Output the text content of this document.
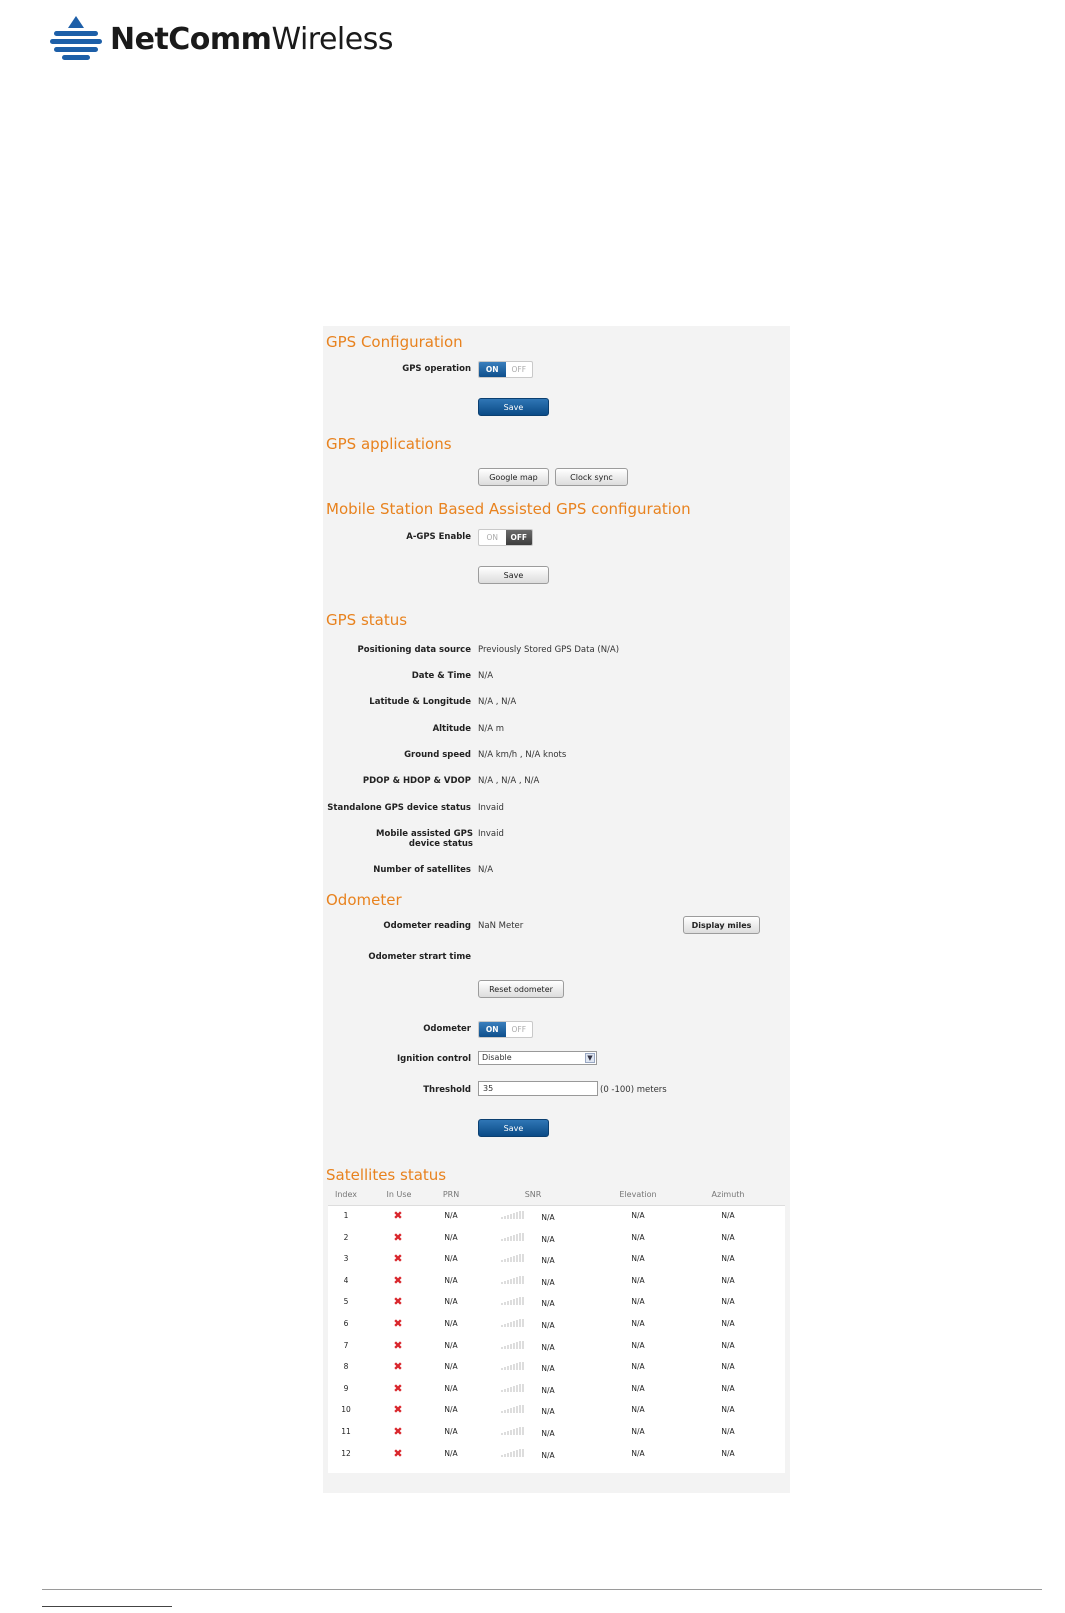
NetCommWireless
GPS Configuration
GPS operation	ON	OFF
Save
GPS applications
Google map	Clock sync
Mobile Station Based Assisted GPS configuration
A-GPS Enable	ON	OFF
Save
GPS status
Positioning data source Previously Stored GPS Data (N/A)
Date & Time N/A
Latitude & Longitude N/A , N/A
Altitude N/A m
Ground speed N/A km/h , N/A knots
PDOP & HDOP & VDOP N/A , N/A , N/A
Standalone GPS device status Invaid
Mobile assisted GPS device status
Invaid
Number of satellites N/A
Odometer
Odometer reading NaN Meter	Display miles
Odometer strart time
Reset odometer
Odometer	ON	OFF
Ignition control	Disable	▼
Threshold	35	(0 -100) meters
Save
Satellites status
Index	In Use	PRN	SNR	Elevation	Azimuth
1	✖	N/A	N/A	N/A	N/A
2	✖	N/A	N/A	N/A	N/A
3	✖	N/A	N/A	N/A	N/A
4	✖	N/A	N/A	N/A	N/A
5	✖	N/A	N/A	N/A	N/A
6	✖	N/A	N/A	N/A	N/A
7	✖	N/A	N/A	N/A	N/A
8	✖	N/A	N/A	N/A	N/A
9	✖	N/A	N/A	N/A	N/A
10	✖	N/A	N/A	N/A	N/A
11	✖	N/A	N/A	N/A	N/A
12	✖	N/A	N/A	N/A	N/A
